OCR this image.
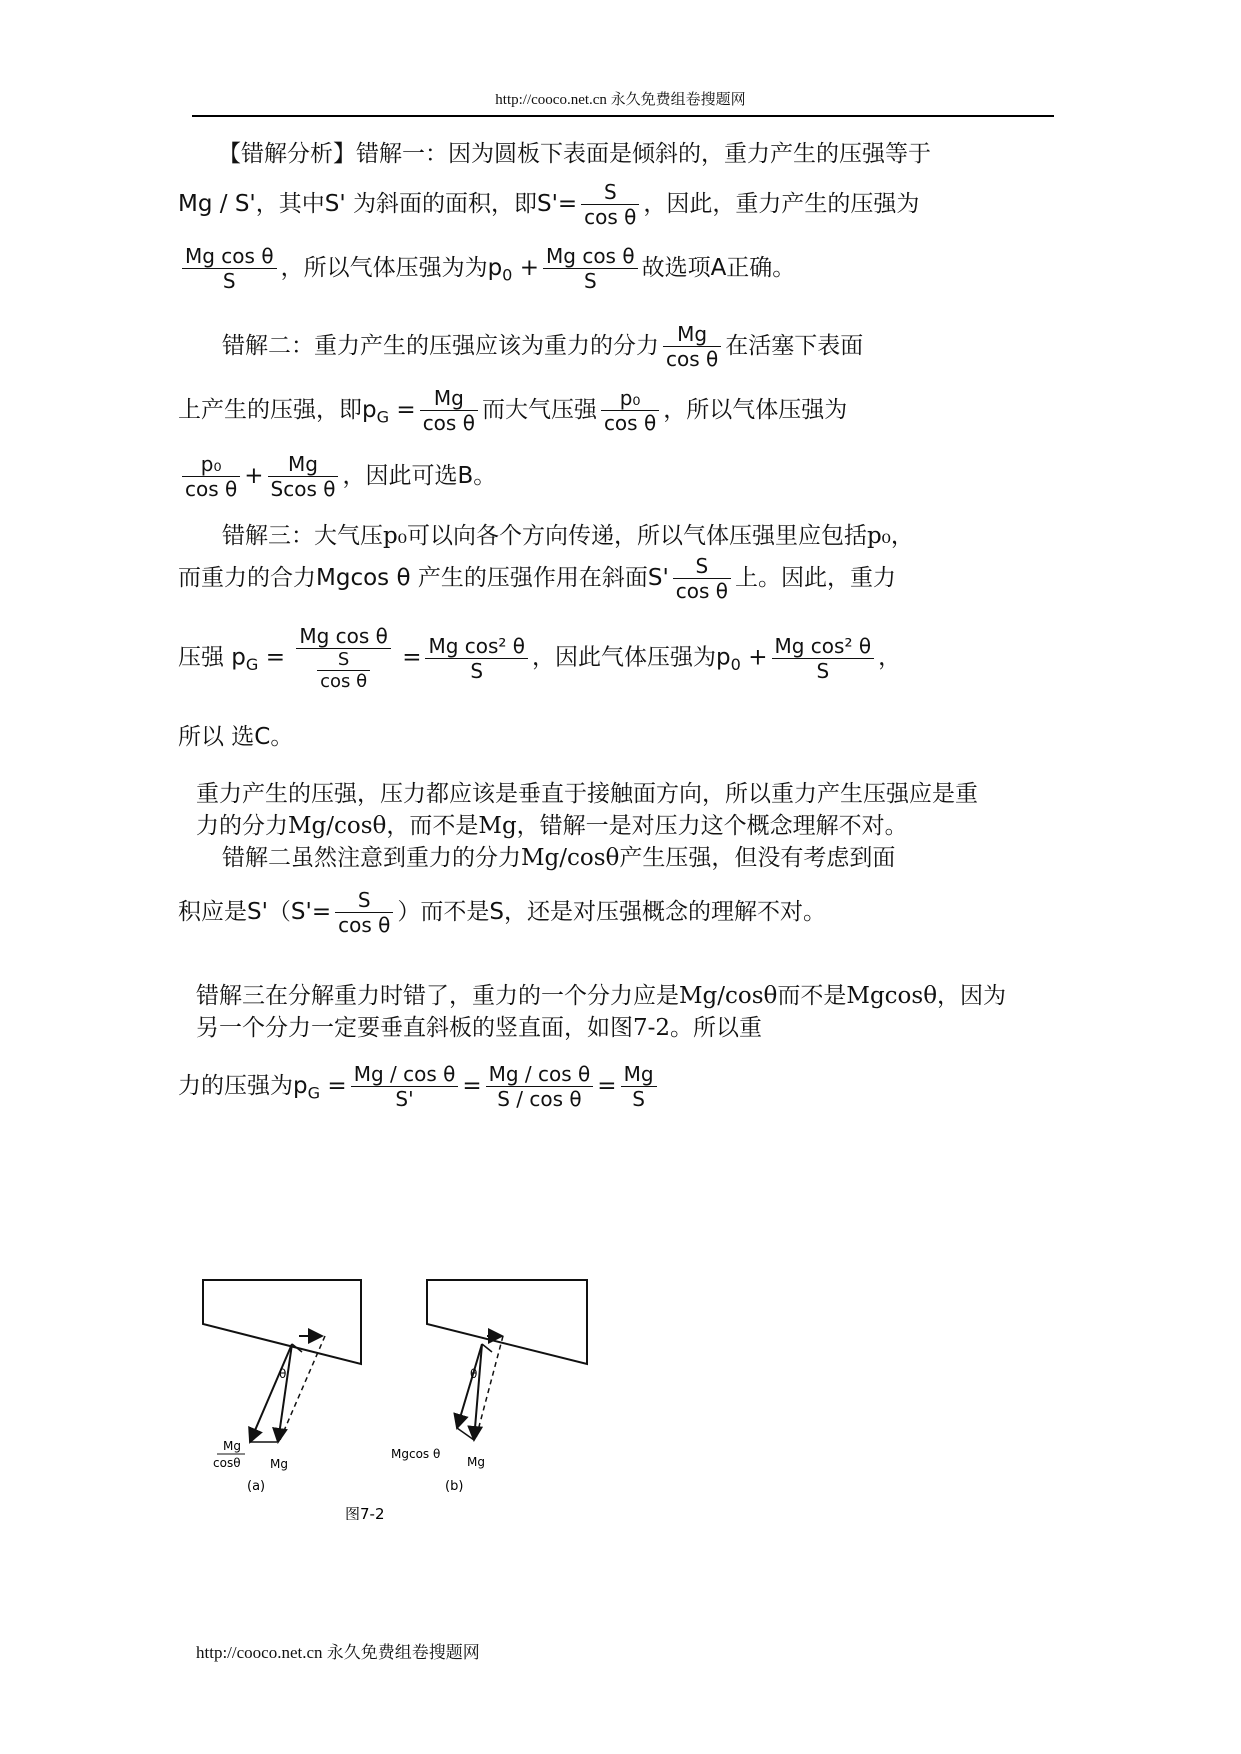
http://cooco.net.cn 永久免费组卷搜题网
【错解分析】错解一：因为圆板下表面是倾斜的，重力产生的压强等于
Mg / S'，其中S' 为斜面的面积，即$S'= \frac{S}{\text{cos θ}}$ ，因此，重力产生的压强为
$\frac{\text{Mg cos θ}}{S}$ ，所以气体压强为为$p_0 + \frac{\text{Mg cos θ}}{S}$ 故选项A正确。
错解二：重力产生的压强应该为重力的分力 $\frac{Mg}{\text{cos θ}}$ 在活塞下表面
上产生的压强，即$p_G = \frac{Mg}{\text{cos θ}}$ 而大气压强 $\frac{\text{p₀}}{\text{cos θ}}$ ，所以气体压强为
$\frac{\text{p₀}}{\text{cos θ}} + \frac{Mg}{\text{Scos θ}}$ ，因此可选B。
错解三：大气压p₀可以向各个方向传递，所以气体压强里应包括p₀，
而重力的合力Mgcos θ 产生的压强作用在斜面$S' \frac{S}{\text{cos θ}}$ 上。因此，重力
压强 $p_G = \frac{\text{Mg cos θ}}{\frac{S}{\text{cos θ}}} = \frac{\text{Mg cos² θ}}{S}$ ，因此气体压强为$p_0 + \frac{\text{Mg cos² θ}}{S}$ ，
所以 选C。
重力产生的压强，压力都应该是垂直于接触面方向，所以重力产生压强应是重
力的分力Mg/cosθ，而不是Mg，错解一是对压力这个概念理解不对。
错解二虽然注意到重力的分力Mg/cosθ产生压强，但没有考虑到面
积应是$S'(S'= \frac{S}{\text{cos θ}}$ ）而不是S，还是对压强概念的理解不对。
错解三在分解重力时错了，重力的一个分力应是Mg/cosθ而不是Mgcosθ，因为
另一个分力一定要垂直斜板的竖直面，如图7-2。所以重
力的压强为$p_G = \frac{\text{Mg / cos θ}}{S'} = \frac{\text{Mg / cos θ}}{\text{S / cos θ}} = \frac{Mg}{S}$
θ
Mg
cosθ Mg
(a)
θ
Mgcos θ
Mg
(b)
图7-2
http://cooco.net.cn 永久免费组卷搜题网
